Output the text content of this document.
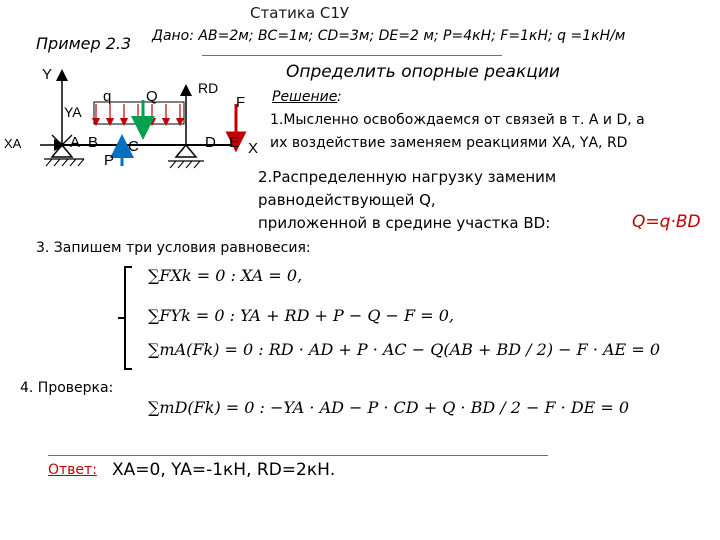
Статика С1У
Дано: АВ=2м; ВС=1м; CD=3м; DE=2 м; Р=4кН; F=1кН; q =1кН/м
Пример 2.3
Определить опорные реакции
Y
XA
YA
q Q	RD
F
A B C
P
D E X
Решение :
1.Мысленно освобождаемся от связей в т. А и D, а
их воздействие заменяем реакциями ХА, YА, RD
2.Распределенную нагрузку заменим
равнодействующей Q,
приложенной в средине участка BD:	Q=q·BD
3. Запишем три условия равновесия:
∑FXk = 0 : XA = 0,
∑FYk = 0 : YA + RD + P − Q − F = 0,
∑mA(Fk) = 0 : RD · AD + P · AC − Q(AB + BD / 2) − F · AE = 0
4. Проверка:
∑mD(Fk) = 0 : −YA · AD − P · CD + Q · BD / 2 − F · DE = 0
Ответ: ХA=0, YA=-1кН, RD=2кН.
